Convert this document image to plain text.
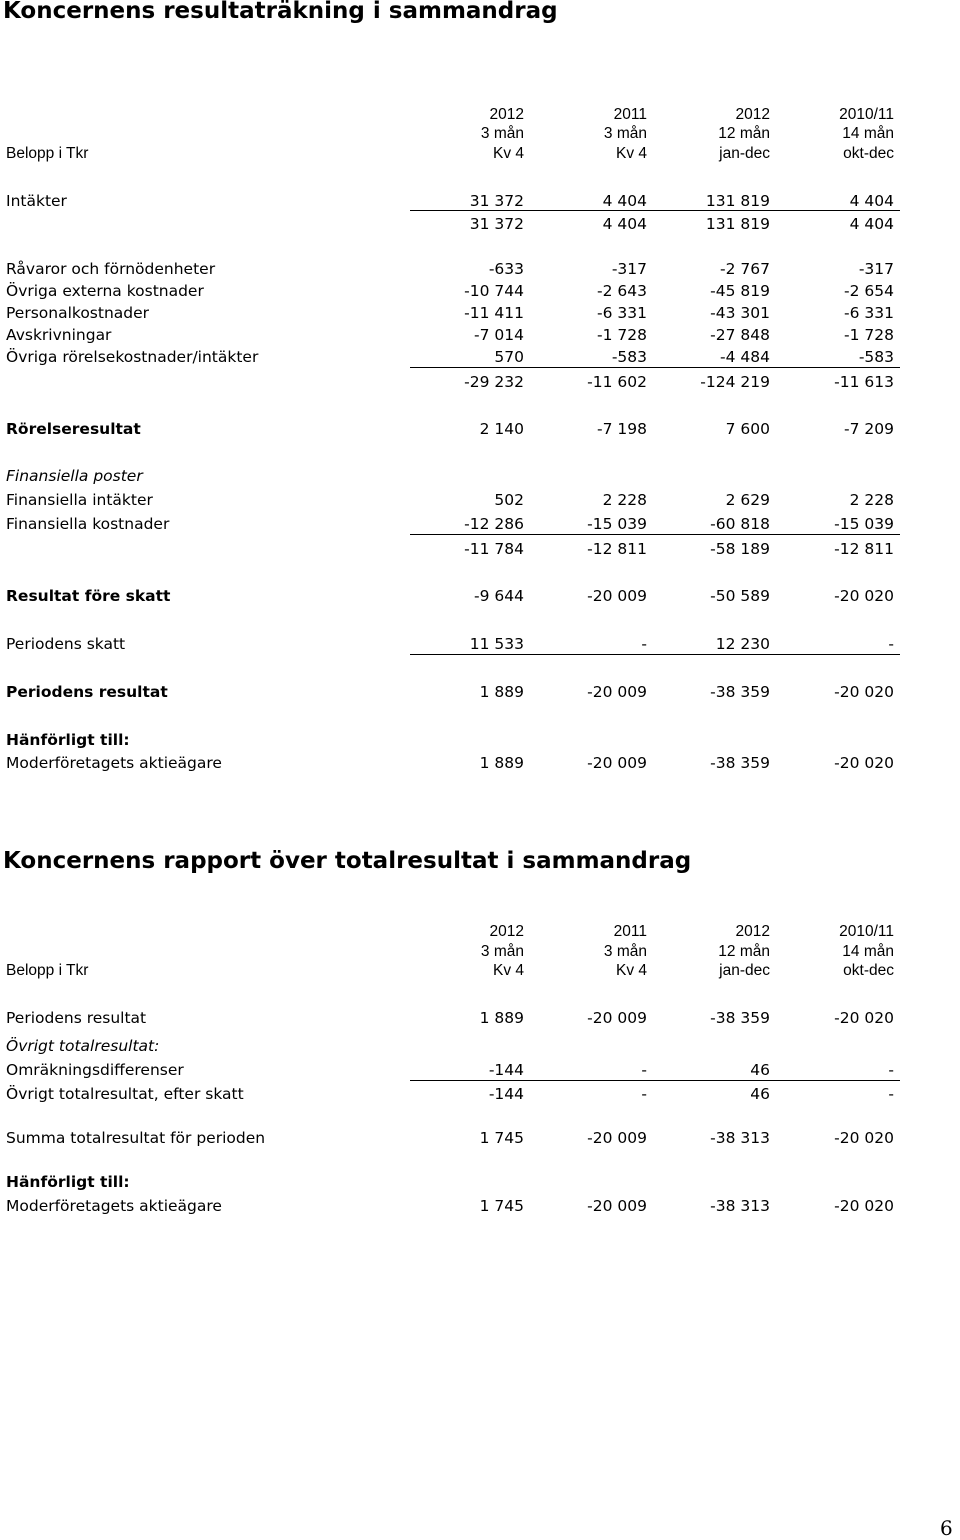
Koncernens resultaträkning i sammandrag
2012	2011	2012	2010/11
3 mån	3 mån	12 mån	14 mån
Belopp i Tkr	Kv 4	Kv 4	jan-dec	okt-dec
Intäkter	31 372	4 404	131 819	4 404
31 372	4 404	131 819	4 404
Råvaror och förnödenheter	-633	-317	-2 767	-317
Övriga externa kostnader	-10 744	-2 643	-45 819	-2 654
Personalkostnader	-11 411	-6 331	-43 301	-6 331
Avskrivningar	-7 014	-1 728	-27 848	-1 728
Övriga rörelsekostnader/intäkter	570	-583	-4 484	-583
-29 232	-11 602	-124 219	-11 613
Rörelseresultat	2 140	-7 198	7 600	-7 209
Finansiella poster
Finansiella intäkter	502	2 228	2 629	2 228
Finansiella kostnader	-12 286	-15 039	-60 818	-15 039
-11 784	-12 811	-58 189	-12 811
Resultat före skatt	-9 644	-20 009	-50 589	-20 020
Periodens skatt	11 533	-	12 230	-
Periodens resultat	1 889	-20 009	-38 359	-20 020
Hänförligt till:
Moderföretagets aktieägare	1 889	-20 009	-38 359	-20 020
Koncernens rapport över totalresultat i sammandrag
2012	2011	2012	2010/11
3 mån	3 mån	12 mån	14 mån
Belopp i Tkr	Kv 4	Kv 4	jan-dec	okt-dec
Periodens resultat	1 889	-20 009	-38 359	-20 020
Övrigt totalresultat:
Omräkningsdifferenser	-144	-	46	-
Övrigt totalresultat, efter skatt	-144	-	46	-
Summa totalresultat för perioden	1 745	-20 009	-38 313	-20 020
Hänförligt till:
Moderföretagets aktieägare	1 745	-20 009	-38 313	-20 020
6
